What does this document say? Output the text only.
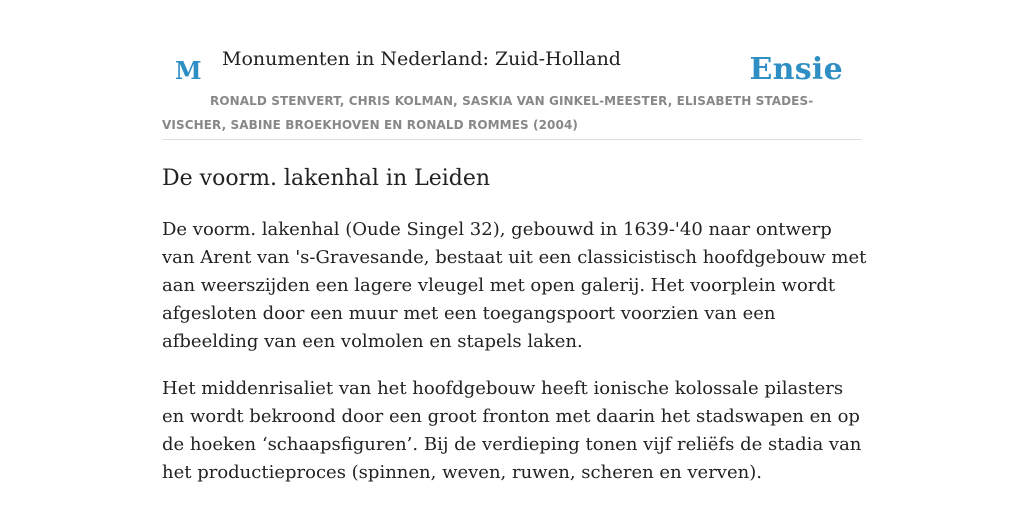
M Monumenten in Nederland: Zuid-Holland	Ensie
RONALD STENVERT, CHRIS KOLMAN, SASKIA VAN GINKEL-MEESTER, ELISABETH STADES-VISCHER, SABINE BROEKHOVEN EN RONALD ROMMES (2004)
De voorm. lakenhal in Leiden

De voorm. lakenhal (Oude Singel 32), gebouwd in 1639-'40 naar ontwerp van Arent van 's-Gravesande, bestaat uit een classicistisch hoofdgebouw met aan weerszijden een lagere vleugel met open galerij. Het voorplein wordt afgesloten door een muur met een toegangspoort voorzien van een afbeelding van een volmolen en stapels laken.

Het middenrisaliet van het hoofdgebouw heeft ionische kolossale pilasters en wordt bekroond door een groot fronton met daarin het stadswapen en op de hoeken ‘schaapsfiguren’. Bij de verdieping tonen vijf reliëfs de stadia van het productieproces (spinnen, weven, ruwen, scheren en verven).
